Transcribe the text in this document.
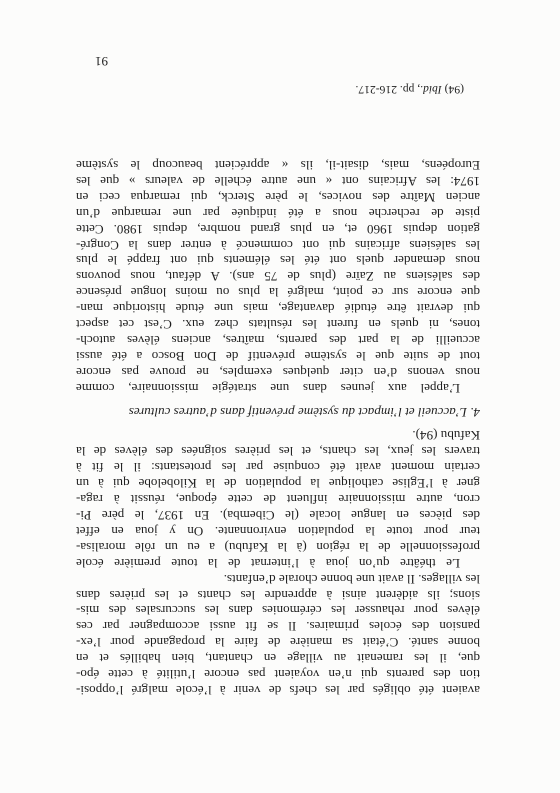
avaient été obligés par les chefs de venir à l’école malgré l’opposi-
tion des parents qui n’en voyaient pas encore l’utilité à cette épo-
que, il les ramenait au village en chantant, bien habillés et en
bonne santé. C’était sa manière de faire la propagande pour l’ex-
pansion des écoles primaires. Il se fit aussi accompagner par ces
élèves pour rehausser les cérémonies dans les succursales des mis-
sions; ils aidèrent ainsi à apprendre les chants et les prières dans
les villages. Il avait une bonne chorale d’enfants.
Le théâtre qu’on joua à l’internat de la toute première école
professionnelle de la région (à la Kafubu) a eu un rôle moralisa-
teur pour toute la population environnante. On y joua en effet
des pièces en langue locale (le Cibemba). En 1937, le père Pi-
cron, autre missionnaire influent de cette époque, réussit à raga-
gner à l’Eglise catholique la population de la Kilobelobe qui à un
certain moment avait été conquise par les protestants: il le fit à
travers les jeux, les chants, et les prières soignées des élèves de la
Kafubu (94).
4. L’accueil et l’impact du système préventif dans d’autres cultures
L’appel aux jeunes dans une stratégie missionnaire, comme
nous venons d’en citer quelques exemples, ne prouve pas encore
tout de suite que le système préventif de Don Bosco a été aussi
accueilli de la part des parents, maîtres, anciens élèves autoch-
tones, ni quels en furent les résultats chez eux. C’est cet aspect
qui devrait être étudié davantage, mais une étude historique man-
que encore sur ce point, malgré la plus ou moins longue présence
des salésiens au Zaïre (plus de 75 ans). A défaut, nous pouvons
nous demander quels ont été les éléments qui ont frappé le plus
les salésiens africains qui ont commencé à entrer dans la Congré-
gation depuis 1960 et, en plus grand nombre, depuis 1980. Cette
piste de recherche nous a été indiquée par une remarque d’un
ancien Maître des novices, le père Sterck, qui remarqua ceci en
1974: les Africains ont « une autre échelle de valeurs » que les
Européens, mais, disait-il, ils « apprécient beaucoup le système
(94) Ibid., pp. 216-217.
91
